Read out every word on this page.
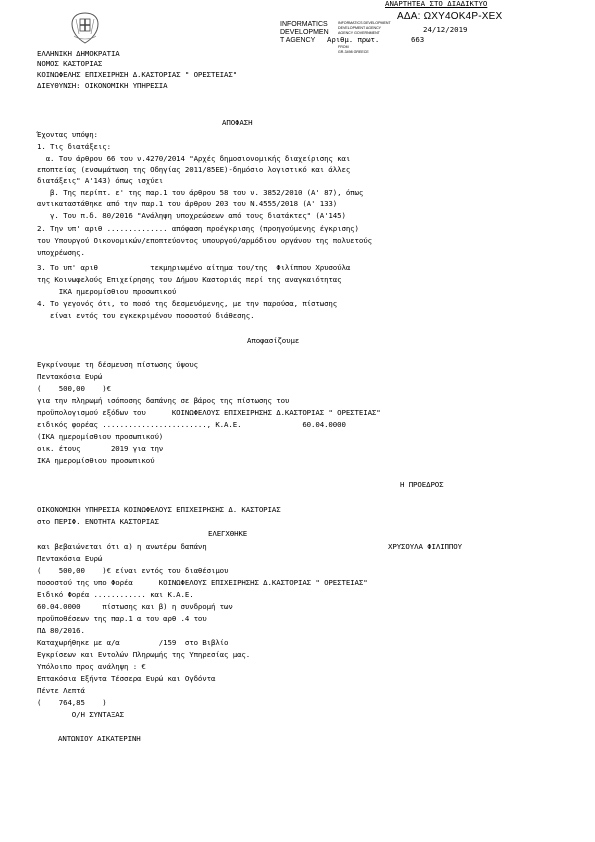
ΑΝΑΡΤΗΤΕΑ ΣΤΟ ΔΙΑΔΙΚΤΥΟ
ΑΔΑ: ΩΧΥ4ΟΚ4Ρ-ΧΕΧ
24/12/2019
INFORMATICS
DEVELOPMEN
T AGENCY Αριθμ. πρωτ.	663
INFORMATICS DEVELOPMENT
DEVELOPMENT AGENCY
AGENCY GOVERNMENT
FROM
GR-3498 GREECE
ΕΛΛΗΝΙΚΗ ΔΗΜΟΚΡΑΤΙΑ
ΝΟΜΟΣ ΚΑΣΤΟΡΙΑΣ
ΚΟΙΝΩΦΕΛΗΣ ΕΠΙΧΕΙΡΗΣΗ Δ.ΚΑΣΤΟΡΙΑΣ " ΟΡΕΣΤΕΙΑΣ"
ΔΙΕΥΘΥΝΣΗ: ΟΙΚΟΝΟΜΙΚΗ ΥΠΗΡΕΣΙΑ
ΑΠΟΦΑΣΗ
Έχοντας υπόψη:
1. Τις διατάξεις:
α. Του άρθρου 66 του ν.4270/2014 "Αρχές δημοσιονομικής διαχείρισης και
εποπτείας (ενσωμάτωση της Οδηγίας 2011/85ΕΕ)-δημόσιο λογιστικό και άλλες
διατάξεις" Α'143) όπως ισχύει
β. Της περίπτ. ε' της παρ.1 του άρθρου 58 του ν. 3852/2010 (Α' 87), όπως
αντικαταστάθηκε από την παρ.1 του άρθρου 203 του Ν.4555/2018 (Α' 133)
γ. Του π.δ. 80/2016 "Ανάληψη υποχρεώσεων από τους διατάκτες" (Α'145)
2. Την υπ' αριθ .............. απόφαση προέγκρισης (προηγούμενης έγκρισης)
του Υπουργού Οικονομικών/εποπτεύοντος υπουργού/αρμόδιου οργάνου της πολυετούς
υποχρέωσης.
3. Το υπ' αριθ            τεκμηριωμένο αίτημα του/της  Φιλίππου Χρυσούλα
της Κοινωφελούς Επιχείρησης του Δήμου Καστοριάς περί της αναγκαιότητας
ΙΚΑ ημερομίσθιου προσωπικού
4. Το γεγονός ότι, το ποσό της δεσμευόμενης, με την παρούσα, πίστωσης
είναι εντός του εγκεκριμένου ποσοστού διάθεσης.
Αποφασίζουμε
Εγκρίνουμε τη δέσμευση πίστωσης ύψους
Πεντακόσια Ευρώ
(    500,00    )€
για την πληρωμή ισόποσης δαπάνης σε βάρος της πίστωσης του
προϋπολογισμού εξόδων του      ΚΟΙΝΩΦΕΛΟΥΣ ΕΠΙΧΕΙΡΗΣΗΣ Δ.ΚΑΣΤΟΡΙΑΣ " ΟΡΕΣΤΕΙΑΣ"
ειδικός φορέας ........................, Κ.Α.Ε.              60.04.0000
(ΙΚΑ ημερομίσθιου προσωπικού)
οικ. έτους       2019 για την
ΙΚΑ ημερομίσθιου προσωπικού
Η ΠΡΟΕΔΡΟΣ
ΟΙΚΟΝΟΜΙΚΗ ΥΠΗΡΕΣΙΑ ΚΟΙΝΩΦΕΛΟΥΣ ΕΠΙΧΕΙΡΗΣΗΣ Δ. ΚΑΣΤΟΡΙΑΣ
στο ΠΕΡΙΦ. ΕΝΟΤΗΤΑ ΚΑΣΤΟΡΙΑΣ
ΕΛΕΓΧΘΗΚΕ
και βεβαιώνεται ότι α) η ανωτέρω δαπάνη	ΧΡΥΣΟΥΛΑ ΦΙΛΙΠΠΟΥ
Πεντακόσια Ευρώ
(    500,00    )€ είναι εντός του διαθέσιμου
ποσοστού της υπο Φορέα      ΚΟΙΝΩΦΕΛΟΥΣ ΕΠΙΧΕΙΡΗΣΗΣ Δ.ΚΑΣΤΟΡΙΑΣ " ΟΡΕΣΤΕΙΑΣ"
Ειδικό Φορέα ............ και Κ.Α.Ε.
60.04.0000     πίστωσης και β) η συνδρομή των
προϋποθέσεων της παρ.1 α του αρθ .4 του
ΠΔ 80/2016.
Καταχωρήθηκε με α/α         /159  στο Βιβλίο
Εγκρίσεων και Εντολών Πληρωμής της Υπηρεσίας μας.
Υπόλοιπο προς ανάληψη : €
Επτακόσια Εξήντα Τέσσερα Ευρώ και Ογδόντα
Πέντε Λεπτά
(    764,85    )
Ο/Η ΣΥΝΤΑΞΑΣ
ΑΝΤΩΝΙΟΥ ΑΙΚΑΤΕΡΙΝΗ
